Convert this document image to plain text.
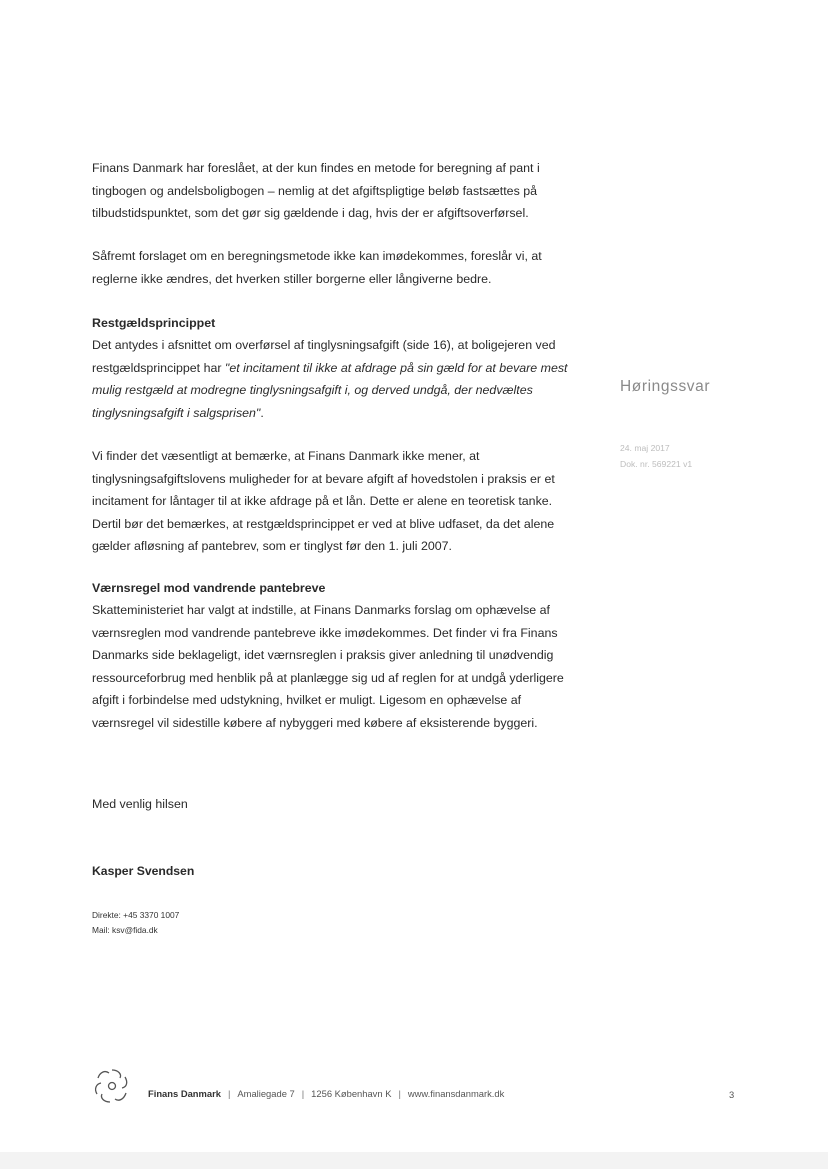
Finans Danmark har foreslået, at der kun findes en metode for beregning af pant i tingbogen og andelsboligbogen – nemlig at det afgiftspligtige beløb fastsættes på tilbudstidspunktet, som det gør sig gældende i dag, hvis der er afgiftsoverførsel.

Såfremt forslaget om en beregningsmetode ikke kan imødekommes, foreslår vi, at reglerne ikke ændres, det hverken stiller borgerne eller långiverne bedre.

Restgældsprincippet

Det antydes i afsnittet om overførsel af tinglysningsafgift (side 16), at boligejeren ved restgældsprincippet har "et incitament til ikke at afdrage på sin gæld for at bevare mest mulig restgæld at modregne tinglysningsafgift i, og derved undgå, der nedvæltes tinglysningsafgift i salgsprisen".

Vi finder det væsentligt at bemærke, at Finans Danmark ikke mener, at tinglysningsafgiftslovens muligheder for at bevare afgift af hovedstolen i praksis er et incitament for låntager til at ikke afdrage på et lån. Dette er alene en teoretisk tanke. Dertil bør det bemærkes, at restgældsprincippet er ved at blive udfaset, da det alene gælder afløsning af pantebrev, som er tinglyst før den 1. juli 2007.

Værnsregel mod vandrende pantebreve

Skatteministeriet har valgt at indstille, at Finans Danmarks forslag om ophævelse af værnsreglen mod vandrende pantebreve ikke imødekommes. Det finder vi fra Finans Danmarks side beklageligt, idet værnsreglen i praksis giver anledning til unødvendig ressourceforbrug med henblik på at planlægge sig ud af reglen for at undgå yderligere afgift i forbindelse med udstykning, hvilket er muligt. Ligesom en ophævelse af værnsregel vil sidestille købere af nybyggeri med købere af eksisterende byggeri.

Med venlig hilsen
Kasper Svendsen
Direkte: +45 3370 1007
Mail: ksv@fida.dk
Høringssvar
24. maj 2017
Dok. nr. 569221 v1
Finans Danmark | Amaliegade 7 | 1256 København K | www.finansdanmark.dk	3
